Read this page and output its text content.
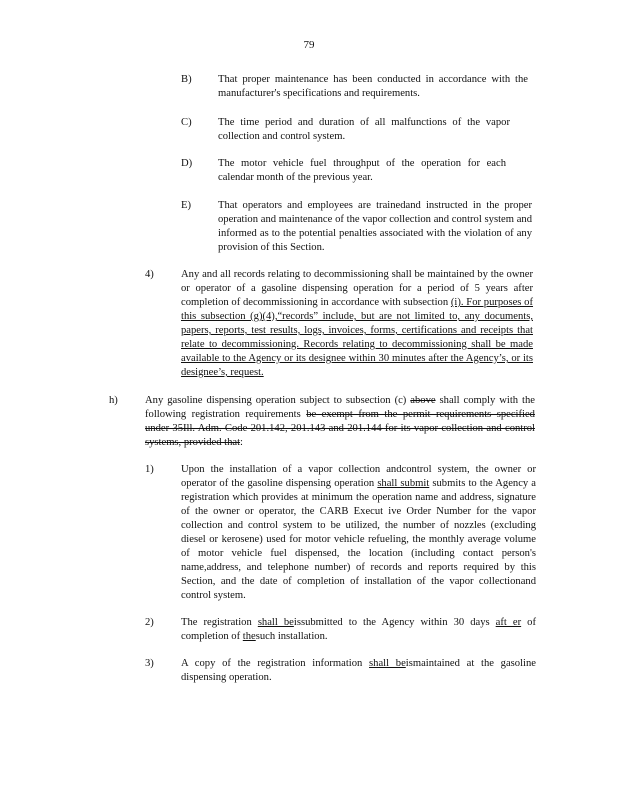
79
B) That proper maintenance has been conducted in accordance with the manufacturer's specifications and requirements.
C) The time period and duration of all malfunctions of the vapor collection and control system.
D) The motor vehicle fuel throughput of the operation for each calendar month of the previous year.
E)	That operators and employees are trainedand instructed in the proper operation and maintenance of the vapor collection and control system and informed as to the potential penalties associated with the violation of any provision of this Section.
4)	Any and all records relating to decommissioning shall be maintained by the owner or operator of a gasoline dispensing operation for a period of 5 years after completion of decommissioning in accordance with subsection (i). For purposes of this subsection (g)(4),“records” include, but are not limited to, any documents, papers, reports, test results, logs, invoices, forms, certifications and receipts that relate to decommissioning. Records relating to decommissioning shall be made available to the Agency or its designee within 30 minutes after the Agency’s, or its designee’s, request.
h)	Any gasoline dispensing operation subject to subsection (c) above shall comply with the following registration requirements be exempt from the permit requirements specified under 35Ill. Adm. Code 201.142, 201.143 and 201.144 for its vapor collection and control systems, provided that:
1)	Upon the installation of a vapor collection andcontrol system, the owner or operator of the gasoline dispensing operation shall submit submits to the Agency a registration which provides at minimum the operation name and address, signature of the owner or operator, the CARB Execut ive Order Number for the vapor collection and control system to be utilized, the number of nozzles (excluding diesel or kerosene) used for motor vehicle refueling, the monthly average volume of motor vehicle fuel dispensed, the location (including contact person's name,address, and telephone number) of records and reports required by this Section, and the date of completion of installation of the vapor collectionand control system.
2)	The registration shall beissubmitted to the Agency within 30 days aft er of completion of thesuch installation.
3)	A copy of the registration information shall beismaintained at the gasoline dispensing operation.
